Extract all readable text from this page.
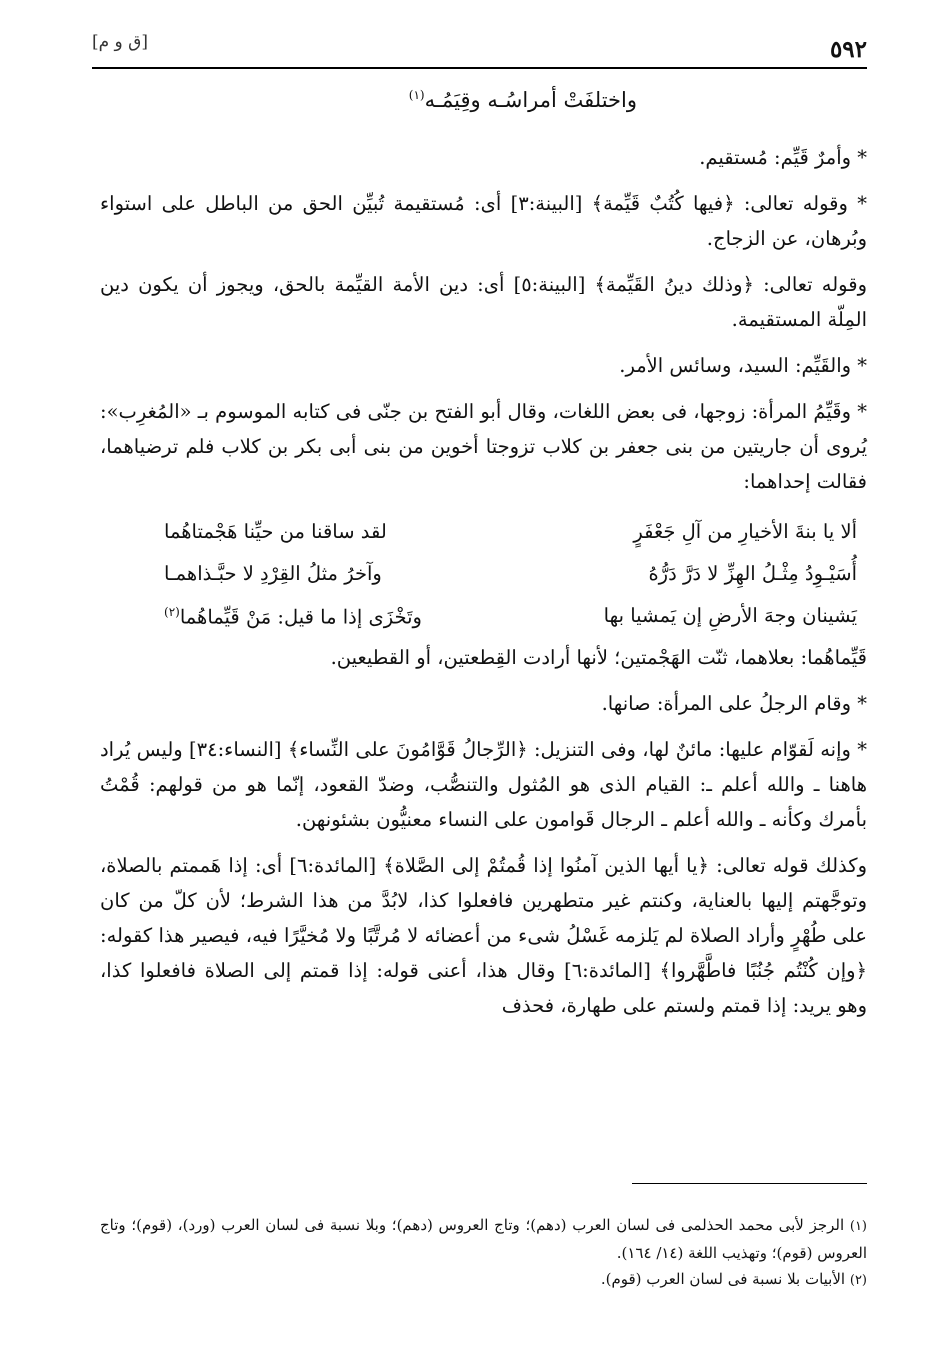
٥٩٢
[ق و م]
واختلفَتْ أمراسُـه وقِيَمُـه$^{(١)}$

* وأمرٌ قَيِّم: مُستقيم.

* وقوله تعالى: ﴿فيها كُتُبٌ قَيِّمة﴾ [البينة:٣] أى: مُستقيمة تُبيِّن الحق من الباطل على استواء وبُرهان، عن الزجاج.

وقوله تعالى: ﴿وذلك دينُ القَيِّمة﴾ [البينة:٥] أى: دين الأمة القيِّمة بالحق، ويجوز أن يكون دين المِلّة المستقيمة.

* والقَيِّم: السيد، وسائس الأمر.

* وقَيِّمُ المرأة: زوجها، فى بعض اللغات، وقال أبو الفتح بن جنّى فى كتابه الموسوم بـ «المُغرِب»: يُروى أن جاريتين من بنى جعفر بن كلاب تزوجتا أخوين من بنى أبى بكر بن كلاب فلم ترضياهما، فقالت إحداهما:

ألا يا بنةَ الأخيارِ من آلِ جَعْفَرٍ
لقد ساقنا من حيِّنا هَجْمتاهُما
أُسَيْـوِدُ مِثْـلُ الهِزِّ لا دَرَّ دَرُّهُ
وآخرُ مثلُ القِرْدِ لا حبَّـذاهمـا
يَشينان وجهَ الأرضِ إن يَمشيا بها
وتَخْزَى إذا ما قيل: مَنْ قَيِّماهُما$^{(٢)}$

قَيِّماهُما: بعلاهما، ثنّت الهَجْمتين؛ لأنها أرادت القِطعتين، أو القطيعين.

* وقام الرجلُ على المرأة: صانها.

* وإنه لَقوّام عليها: مائنٌ لها، وفى التنزيل: ﴿الرِّجالُ قَوَّامُونَ على النِّساء﴾ [النساء:٣٤] وليس يُراد هاهنا ـ والله أعلم ـ: القيام الذى هو المُثول والتنصُّب، وضدّ القعود، إنّما هو من قولهم: قُمْتُ بأمرك وكأنه ـ والله أعلم ـ الرجال قَوامون على النساء معنيُّون بشئونهن.

وكذلك قوله تعالى: ﴿يا أيها الذين آمنُوا إذا قُمتُمْ إلى الصَّلاة﴾ [المائدة:٦] أى: إذا هَممتم بالصلاة، وتوجَّهتم إليها بالعناية، وكنتم غير متطهرين فافعلوا كذا، لابُدَّ من هذا الشرط؛ لأن كلّ من كان على طُهْرٍ وأراد الصلاة لم يَلزمه غَسْلُ شىء من أعضائه لا مُرتَّبًا ولا مُخيَّرًا فيه، فيصير هذا كقوله: ﴿وإن كُنْتُم جُنُبًا فاطَّهَّروا﴾ [المائدة:٦] وقال هذا، أعنى قوله: إذا قمتم إلى الصلاة فافعلوا كذا، وهو يريد: إذا قمتم ولستم على طهارة، فحذف

(١) الرجز لأبى محمد الحذلمى فى لسان العرب (دهم)؛ وتاج العروس (دهم)؛ وبلا نسبة فى لسان العرب (ورد)، (قوم)؛ وتاج العروس (قوم)؛ وتهذيب اللغة (١٤/ ١٦٤).

(٢) الأبيات بلا نسبة فى لسان العرب (قوم).
